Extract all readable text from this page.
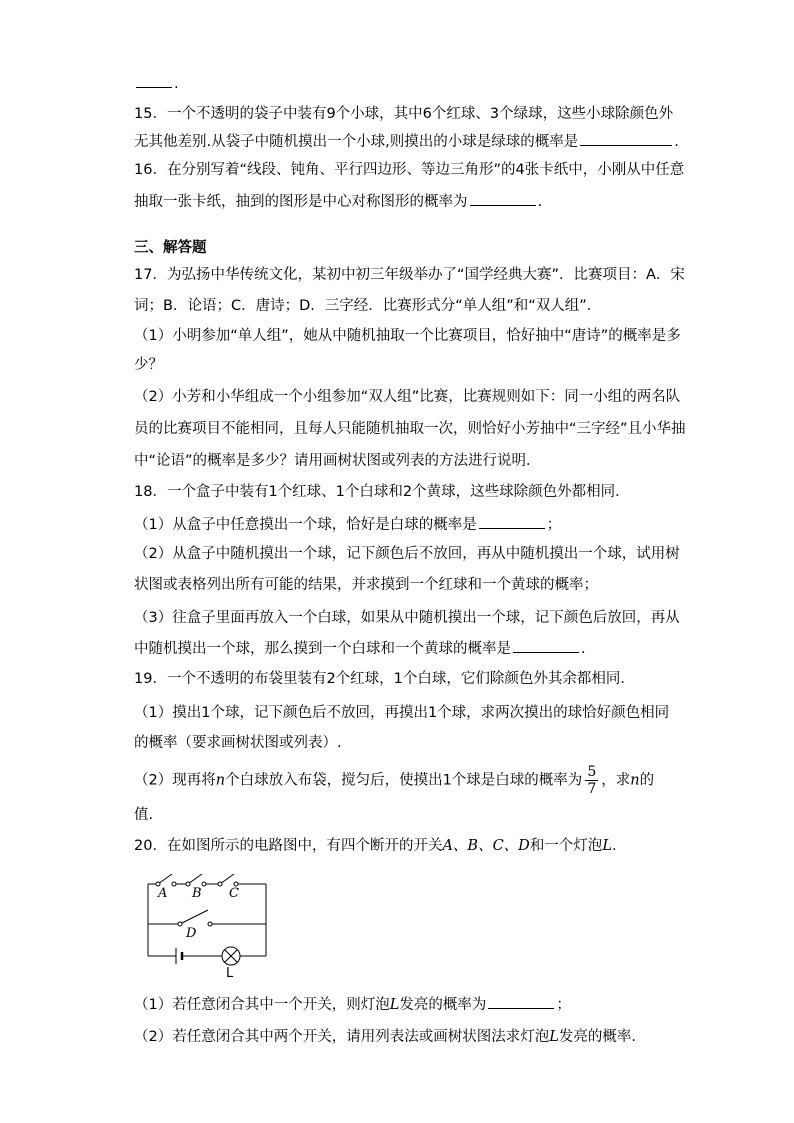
.
15．一个不透明的袋子中装有9个小球，其中6个红球、3个绿球，这些小球除颜色外
无其他差别.从袋子中随机摸出一个小球,则摸出的小球是绿球的概率是	.
16．在分别写着“线段、钝角、平行四边形、等边三角形”的4张卡纸中，小刚从中任意
抽取一张卡纸，抽到的图形是中心对称图形的概率为	.
三、解答题
17．为弘扬中华传统文化，某初中初三年级举办了“国学经典大赛”．比赛项目：A．宋
词；B．论语；C．唐诗；D．三字经．比赛形式分“单人组”和“双人组”．
（1）小明参加“单人组”，她从中随机抽取一个比赛项目，恰好抽中“唐诗”的概率是多
少？
（2）小芳和小华组成一个小组参加“双人组”比赛，比赛规则如下：同一小组的两名队
员的比赛项目不能相同，且每人只能随机抽取一次，则恰好小芳抽中“三字经”且小华抽
中“论语”的概率是多少？请用画树状图或列表的方法进行说明．
18．一个盒子中装有1个红球、1个白球和2个黄球，这些球除颜色外都相同．
（1）从盒子中任意摸出一个球，恰好是白球的概率是	；
（2）从盒子中随机摸出一个球，记下颜色后不放回，再从中随机摸出一个球，试用树
状图或表格列出所有可能的结果，并求摸到一个红球和一个黄球的概率；
（3）往盒子里面再放入一个白球，如果从中随机摸出一个球，记下颜色后放回，再从
中随机摸出一个球，那么摸到一个白球和一个黄球的概率是	.
19．一个不透明的布袋里装有2个红球，1个白球，它们除颜色外其余都相同．
（1）摸出1个球，记下颜色后不放回，再摸出1个球，求两次摸出的球恰好颜色相同
的概率（要求画树状图或列表）.
（2）现再将n个白球放入布袋，搅匀后，使摸出1个球是白球的概率为 $\frac{5}{7}$ ，求n的
值.
20．在如图所示的电路图中，有四个断开的开关A、B、C、D和一个灯泡L．
A B C
D
L
（1）若任意闭合其中一个开关，则灯泡L发亮的概率为	；
（2）若任意闭合其中两个开关，请用列表法或画树状图法求灯泡L发亮的概率．
